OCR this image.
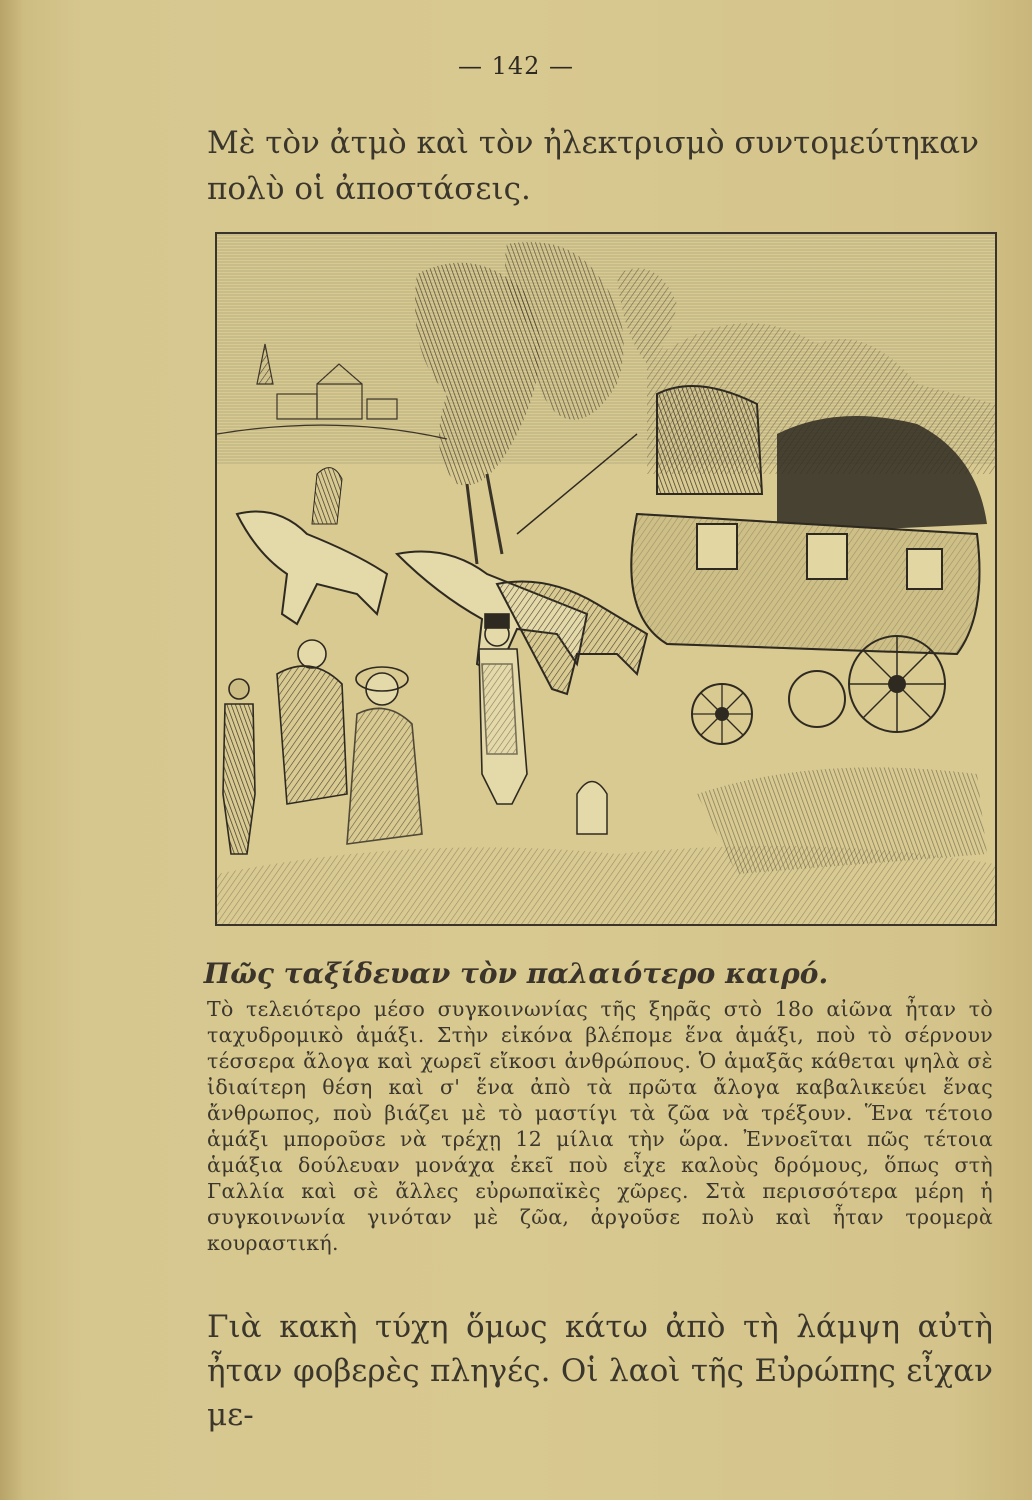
— 142 —
Μὲ τὸν ἀτμὸ καὶ τὸν ἠλεκτρισμὸ συντομεύτηκαν πολὺ οἱ ἀποστάσεις.
Πῶς ταξίδευαν τὸν παλαιότερο καιρό.
Τὸ τελειότερο μέσο συγκοινωνίας τῆς ξηρᾶς στὸ 18ο αἰῶνα ἦταν τὸ ταχυδρομικὸ ἁμάξι. Στὴν εἰκόνα βλέπομε ἕνα ἁμάξι, ποὺ τὸ σέρνουν τέσσερα ἄλογα καὶ χωρεῖ εἴκοσι ἀνθρώπους. Ὁ ἁμαξᾶς κάθεται ψηλὰ σὲ ἰδιαίτερη θέση καὶ σ' ἕνα ἀπὸ τὰ πρῶτα ἄλογα καβαλικεύει ἕνας ἄνθρωπος, ποὺ βιάζει μὲ τὸ μαστίγι τὰ ζῶα νὰ τρέξουν. Ἕνα τέτοιο ἁμάξι μποροῦσε νὰ τρέχῃ 12 μίλια τὴν ὥρα. Ἐννοεῖται πῶς τέτοια ἁμάξια δούλευαν μονάχα ἐκεῖ ποὺ εἶχε καλοὺς δρόμους, ὅπως στὴ Γαλλία καὶ σὲ ἄλλες εὐρωπαϊκὲς χῶρες. Στὰ περισσότερα μέρη ἡ συγκοινωνία γινόταν μὲ ζῶα, ἀργοῦσε πολὺ καὶ ἦταν τρομερὰ κουραστική.
Γιὰ κακὴ τύχη ὅμως κάτω ἀπὸ τὴ λάμψη αὐτὴ ἦταν φοβερὲς πληγές. Οἱ λαοὶ τῆς Εὐρώπης εἶχαν με-
